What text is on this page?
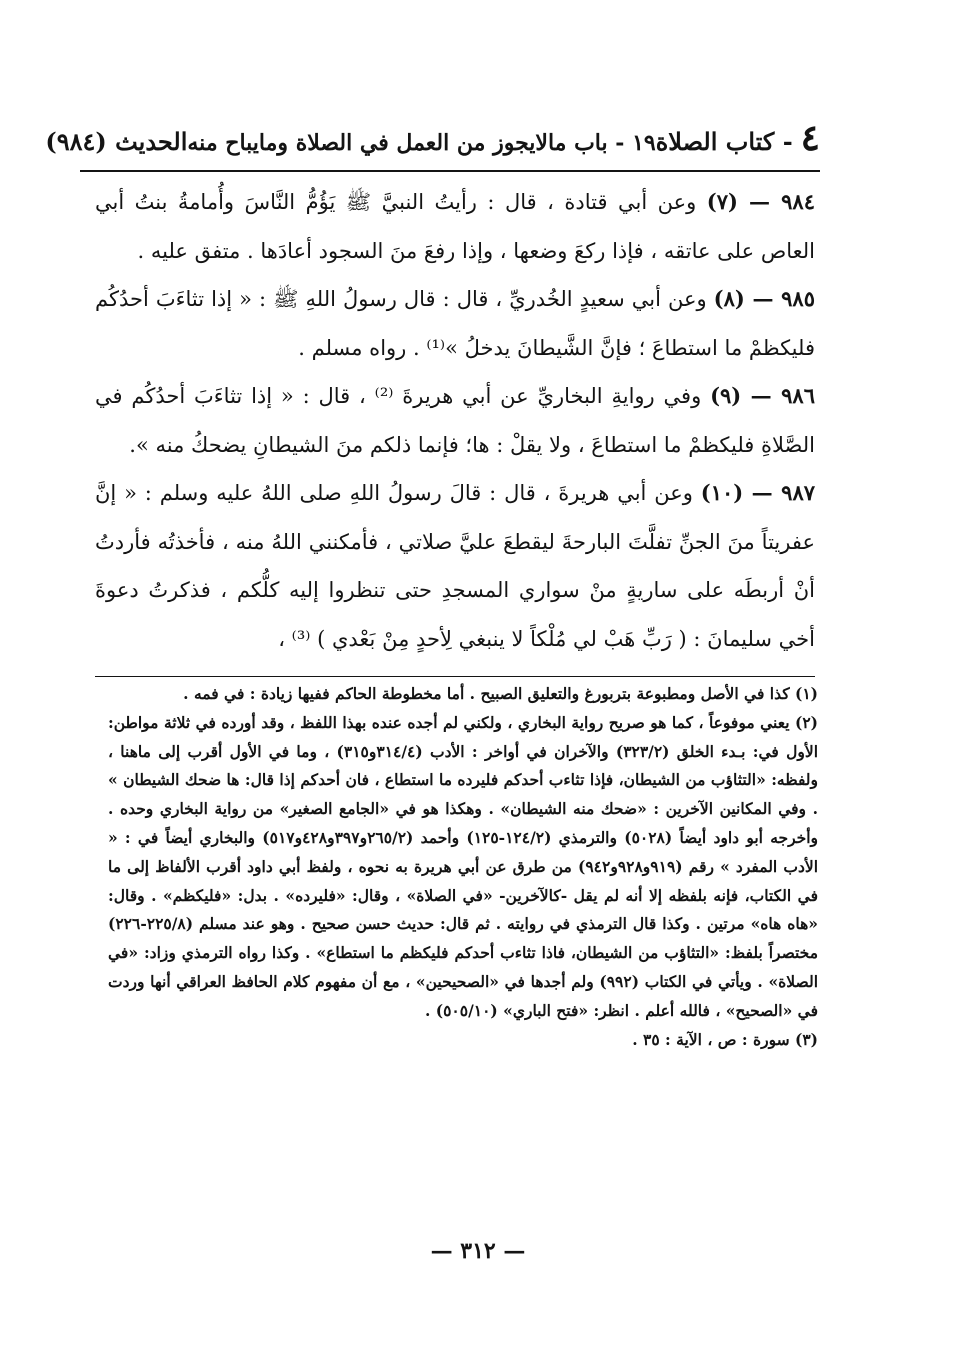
٤
- كتاب الصلاة
١٩ - باب مالايجوز من العمل في الصلاة ومايباح منه
الحديث (٩٨٤)

٩٨٤ — (٧) وعن أبي قتادة ، قال : رأيتُ النبيَّ ﷺ يَؤُمُّ النَّاسَ وأُمامةُ بنتُ أبي العاص على عاتقه ، فإذا ركعَ وضعها ، وإذا رفعَ منَ السجود أعادَها . متفق عليه .

٩٨٥ — (٨) وعن أبي سعيدٍ الخُدريِّ ، قال : قال رسولُ اللهِ ﷺ : « إذا تثاءَبَ أحدُكُم فليكظمْ ما استطاعَ ؛ فإنَّ الشَّيطانَ يدخلُ »⁽¹⁾ . رواه مسلم .

٩٨٦ — (٩) وفي روايةِ البخاريِّ عن أبي هريرةَ ⁽²⁾ ، قال : « إذا تثاءَبَ أحدُكُم في الصَّلاةِ فليكظمْ ما استطاعَ ، ولا يقلْ : ها؛ فإنما ذلكم منَ الشيطانِ يضحكُ منه ».

٩٨٧ — (١٠) وعن أبي هريرةَ ، قال : قالَ رسولُ اللهِ صلى اللهُ عليه وسلم : « إنَّ عفريتاً منَ الجنِّ تفلَّتَ البارحةَ ليقطعَ عليَّ صلاتي ، فأمكنني اللهُ منه ، فأخذتُه فأردتُ أنْ أربطَه على ساريةٍ منْ سواري المسجدِ حتى تنظروا إليه كلُّكم ، فذكرتُ دعوةَ أخي سليمانَ : ( رَبِّ هَبْ لي مُلْكاً لا ينبغي لِأحدٍ مِنْ بَعْدي ) ⁽³⁾ ،

(١) كذا في الأصل ومطبوعة بتربورغ والتعليق الصبيح . أما مخطوطة الحاكم ففيها زيادة : في فمه .

(٢) يعني موفوعاً ، كما هو صريح رواية البخاري ، ولكني لم أجده عنده بهذا اللفظ ، وقد أورده في ثلاثة مواطن: الأول في: بـدء الخلق (٣٢٣/٢) والآخران في أواخر : الأدب (٣١٤/٤و٣١٥) ، وما في الأول أقرب إلى ماهنا ، ولفظه: «التثاؤب من الشيطان، فإذا تثاءب أحدكم فليرده ما استطاع ، فان أحدكم إذا قال: ها ضحك الشيطان » . وفي المكانين الآخرين : «ضحك منه الشيطان» . وهكذا هو في «الجامع الصغير» من رواية البخاري وحده . وأخرجه أبو داود أيضاً (٥٠٢٨) والترمذي (١٢٤/٢-١٢٥) وأحمد (٢٦٥/٢و٣٩٧و٤٢٨و٥١٧) والبخاري أيضاً في : « الأدب المفرد » رقم (٩١٩و٩٢٨و٩٤٢) من طرق عن أبي هريرة به نحوه ، ولفظ أبي داود أقرب الألفاظ إلى ما في الكتاب، فإنه بلفظه إلا أنه لم يقل -كالآخرين- «في الصلاة» ، وقال: «فليرده» . بدل: «فليكظم» . وقال: «هاه هاه» مرتين . وكذا قال الترمذي في روايته . ثم قال: حديث حسن صحيح . وهو عند مسلم (٢٢٥/٨-٢٢٦) مختصراً بلفظ: «التثاؤب من الشيطان، فاذا تثاءب أحدكم فليكظم ما استطاع» . وكذا رواه الترمذي وزاد: «في الصلاة» . ويأتي في الكتاب (٩٩٢) ولم أجدها في «الصحيحين» ، مع أن مفهوم كلام الحافظ العراقي أنها وردت في «الصحيح» ، فالله أعلم . انظر: «فتح الباري» (٥٠٥/١٠) .

(٣) سورة : ص ، الآية : ٣٥ .

— ٣١٢ —
